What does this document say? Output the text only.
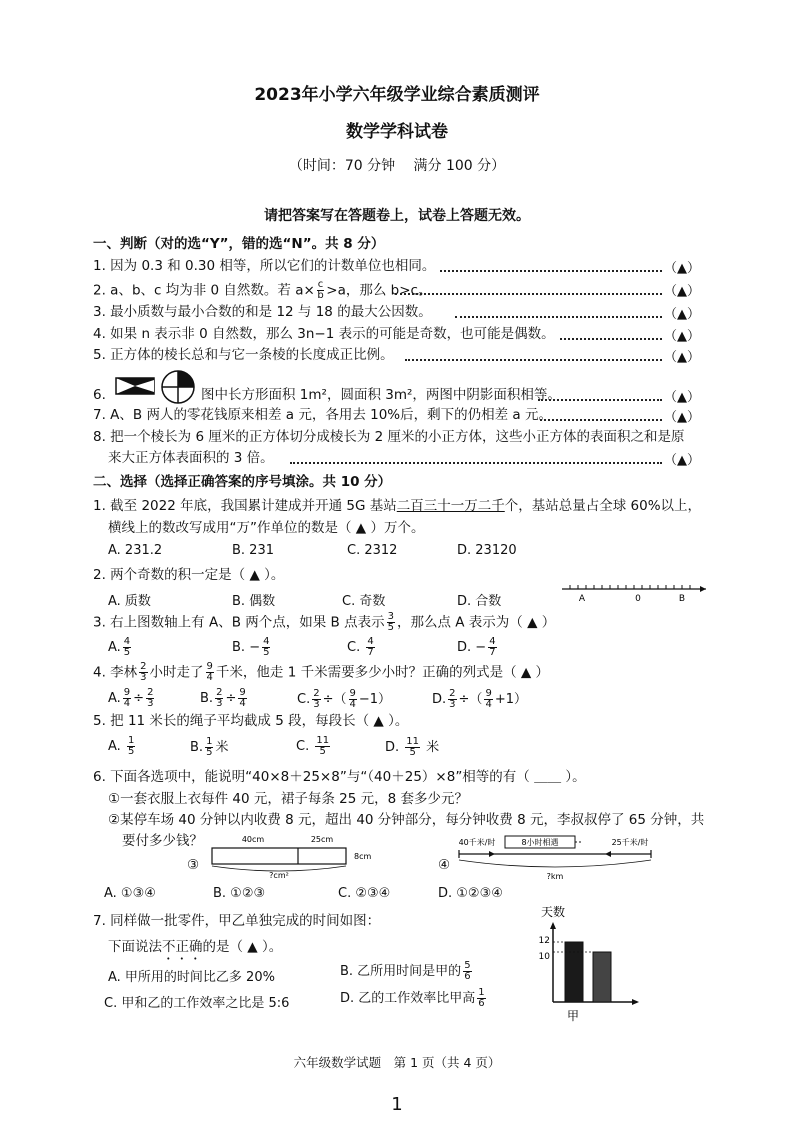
2023年小学六年级学业综合素质测评
数学学科试卷
（时间：70 分钟　 满分 100 分）
请把答案写在答题卷上，试卷上答题无效。
一、判断（对的选“Y”，错的选“N”。共 8 分）
1. 因为 0.3 和 0.30 相等，所以它们的计数单位也相同。	（▲）
2. a、b、c 均为非 0 自然数。若 $a\times \frac{c}{b} >a$，那么 b>c。	（▲）
3. 最小质数与最小合数的和是 12 与 18 的最大公因数。	（▲）
4. 如果 n 表示非 0 自然数，那么 3n−1 表示的可能是奇数，也可能是偶数。	（▲）
5. 正方体的棱长总和与它一条棱的长度成正比例。	（▲）
6.	图中长方形面积 1m²，圆面积 3m²，两图中阴影面积相等。	（▲）
7. A、B 两人的零花钱原来相差 a 元，各用去 10%后，剩下的仍相差 a 元。	（▲）
8. 把一个棱长为 6 厘米的正方体切分成棱长为 2 厘米的小正方体，这些小正方体的表面积之和是原
来大正方体表面积的 3 倍。	（▲）
二、选择（选择正确答案的序号填涂。共 10 分）
1. 截至 2022 年底，我国累计建成并开通 5G 基站二百三十一万二千个，基站总量占全球 60%以上，
横线上的数改写成用“万”作单位的数是（ ▲ ）万个。
A. 231.2	B. 231	C. 2312	D. 23120
2. 两个奇数的积一定是（ ▲ ）。
A. 质数	B. 偶数	C. 奇数	D. 合数	A	0	B
3. 右上图数轴上有 A、B 两个点，如果 B 点表示 $\frac{3}{5}$ ，那么点 A 表示为（ ▲ ）
A. $\frac{4}{5}$	B. − $\frac{4}{5}$	C. $\frac{4}{7}$	D. − $\frac{4}{7}$
4. 李林 $\frac{2}{3}$ 小时走了 $\frac{9}{4}$ 千米，他走 1 千米需要多少小时？正确的列式是（ ▲ ）
A. $\frac{9}{4} \div \frac{2}{3}$	B. $\frac{2}{3} \div \frac{9}{4}$	C. $\frac{2}{3}$ ÷（ $\frac{9}{4} -1$）	D. $\frac{2}{3}$ ÷（ $\frac{9}{4} +1$）
5. 把 11 米长的绳子平均截成 5 段，每段长（ ▲ ）。
A. $\frac{1}{5}$	B. $\frac{1}{5}$ 米	C. $\frac{11}{5}$	D. $\frac{11}{5}$ 米
6. 下面各选项中，能说明“40×8＋25×8”与“（40＋25）×8”相等的有（ ＿＿ ）。
①一套衣服上衣每件 40 元，裙子每条 25 元，8 套多少元？
②某停车场 40 分钟以内收费 8 元，超出 40 分钟部分，每分钟收费 8 元，李叔叔停了 65 分钟，共
要付多少钱？
③
40cm	25cm
8cm
?cm²
④
40千米/时	8小时相遇	25千米/时
?km
A. ①③④	B. ①②③	C. ②③④	D. ①②③④
7. 同样做一批零件，甲乙单独完成的时间如图：
下面说法不正确的是（ ▲ ）。
A. 甲所用的时间比乙多 20%	B. 乙所用时间是甲的 $\frac{5}{6}$
C. 甲和乙的工作效率之比是 5:6	D. 乙的工作效率比甲高 $\frac{1}{6}$
天数
12
10
甲
六年级数学试题　第 1 页（共 4 页）
1
